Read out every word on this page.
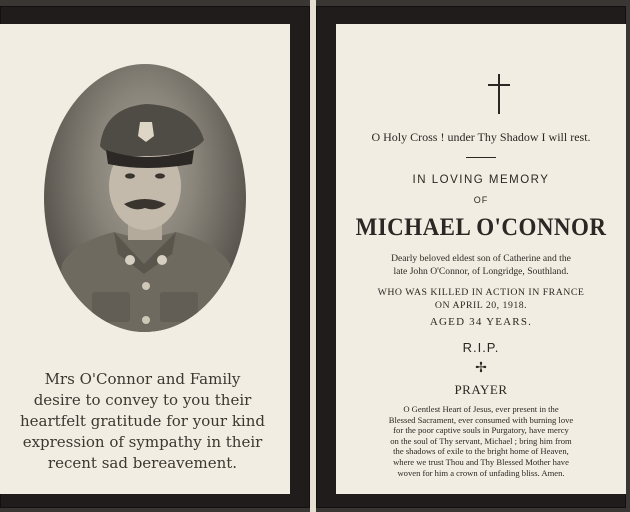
Mrs O'Connor and Family
desire to convey to you their
heartfelt gratitude for your kind
expression of sympathy in their
recent sad bereavement.
O Holy Cross ! under Thy Shadow I will rest.
IN LOVING MEMORY
OF
MICHAEL O'CONNOR
Dearly beloved eldest son of Catherine and the
late John O'Connor, of Longridge, Southland.
WHO WAS KILLED IN ACTION IN FRANCE
ON APRIL 20, 1918.
AGED 34 YEARS.
R.I.P.
✢
PRAYER
O Gentlest Heart of Jesus, ever present in the
Blessed Sacrament, ever consumed with burning love
for the poor captive souls in Purgatory, have mercy
on the soul of Thy servant, Michael ; bring him from
the shadows of exile to the bright home of Heaven,
where we trust Thou and Thy Blessed Mother have
woven for him a crown of unfading bliss. Amen.
